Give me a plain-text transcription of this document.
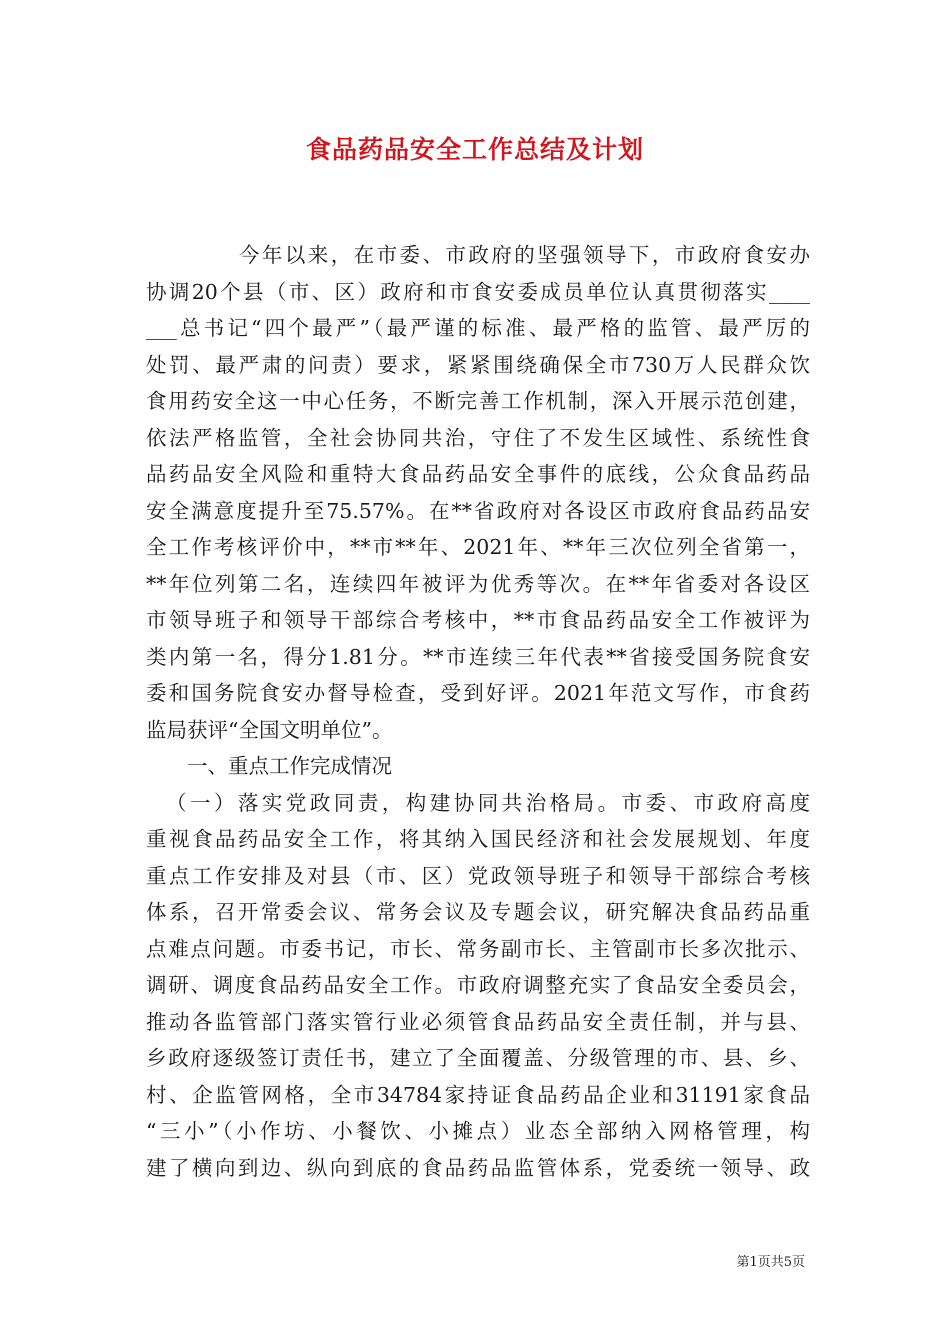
食品药品安全工作总结及计划
今年以来，在市委、市政府的坚强领导下，市政府食安办
协调20个县（市、区）政府和市食安委成员单位认真贯彻落实____
___总书记“四个最严”（最严谨的标准、最严格的监管、最严厉的
处罚、最严肃的问责）要求，紧紧围绕确保全市730万人民群众饮
食用药安全这一中心任务，不断完善工作机制，深入开展示范创建，
依法严格监管，全社会协同共治，守住了不发生区域性、系统性食
品药品安全风险和重特大食品药品安全事件的底线，公众食品药品
安全满意度提升至75.57%。在**省政府对各设区市政府食品药品安
全工作考核评价中，**市**年、2021年、**年三次位列全省第一，
**年位列第二名，连续四年被评为优秀等次。在**年省委对各设区
市领导班子和领导干部综合考核中，**市食品药品安全工作被评为
类内第一名，得分1.81分。**市连续三年代表**省接受国务院食安
委和国务院食安办督导检查，受到好评。2021年范文写作，市食药
监局获评“全国文明单位”。
一、重点工作完成情况
（一）落实党政同责，构建协同共治格局。市委、市政府高度
重视食品药品安全工作，将其纳入国民经济和社会发展规划、年度
重点工作安排及对县（市、区）党政领导班子和领导干部综合考核
体系，召开常委会议、常务会议及专题会议，研究解决食品药品重
点难点问题。市委书记，市长、常务副市长、主管副市长多次批示、
调研、调度食品药品安全工作。市政府调整充实了食品安全委员会，
推动各监管部门落实管行业必须管食品药品安全责任制，并与县、
乡政府逐级签订责任书，建立了全面覆盖、分级管理的市、县、乡、
村、企监管网格，全市34784家持证食品药品企业和31191家食品
“三小”（小作坊、小餐饮、小摊点）业态全部纳入网格管理，构
建了横向到边、纵向到底的食品药品监管体系，党委统一领导、政
第1页共5页
